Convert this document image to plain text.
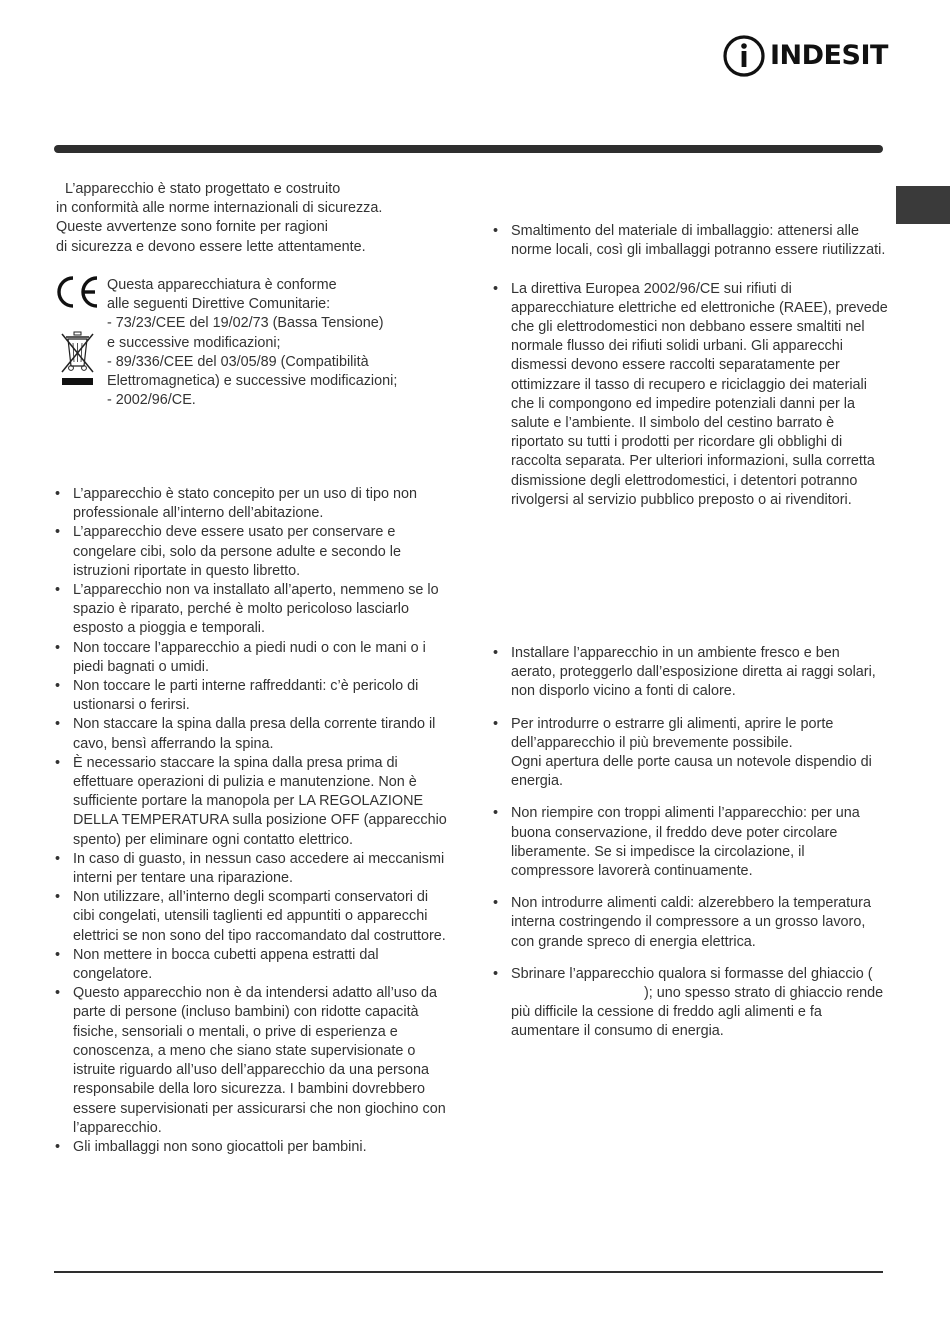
INDESIT
L’apparecchio è stato progettato e costruito
in conformità alle norme internazionali di sicurezza.
Queste avvertenze sono fornite per ragioni
di sicurezza e devono essere lette attentamente.
Questa apparecchiatura è conforme
alle seguenti Direttive Comunitarie:
- 73/23/CEE del 19/02/73 (Bassa Tensione)
e successive modificazioni;
- 89/336/CEE del 03/05/89 (Compatibilità
Elettromagnetica) e successive modificazioni;
- 2002/96/CE.
• L’apparecchio è stato concepito per un uso di tipo non professionale all’interno dell’abitazione.
• L’apparecchio deve essere usato per conservare e congelare cibi, solo da persone adulte e secondo le istruzioni riportate in questo libretto.
• L’apparecchio non va installato all’aperto, nemmeno se lo spazio è riparato, perché è molto pericoloso lasciarlo esposto a pioggia e temporali.
• Non toccare l’apparecchio a piedi nudi o con le mani o i piedi bagnati o umidi.
• Non toccare le parti interne raffreddanti: c’è pericolo di ustionarsi o ferirsi.
• Non staccare la spina dalla presa della corrente tirando il cavo, bensì afferrando la spina.
• È necessario staccare la spina dalla presa prima di effettuare operazioni di pulizia e manutenzione. Non è sufficiente portare la manopola per LA REGOLAZIONE DELLA TEMPERATURA sulla posizione OFF (apparecchio spento) per eliminare ogni contatto elettrico.
• In caso di guasto, in nessun caso accedere ai meccanismi interni per tentare una riparazione.
• Non utilizzare, all’interno degli scomparti conservatori di cibi congelati, utensili taglienti ed appuntiti o apparecchi elettrici se non sono del tipo raccomandato dal costruttore.
• Non mettere in bocca cubetti appena estratti dal congelatore.
• Questo apparecchio non è da intendersi adatto all’uso da parte di persone (incluso bambini) con ridotte capacità fisiche, sensoriali o mentali, o prive di esperienza e conoscenza, a meno che siano state supervisionate o istruite riguardo all’uso dell’apparecchio da una persona responsabile della loro sicurezza. I bambini dovrebbero essere supervisionati per assicurarsi che non giochino con l’apparecchio.
• Gli imballaggi non sono giocattoli per bambini.
• Smaltimento del materiale di imballaggio: attenersi alle norme locali, così gli imballaggi potranno essere riutilizzati.
• La direttiva Europea 2002/96/CE sui rifiuti di apparecchiature elettriche ed elettroniche (RAEE), prevede che gli elettrodomestici non debbano essere smaltiti nel normale flusso dei rifiuti solidi urbani. Gli apparecchi dismessi devono essere raccolti separatamente per ottimizzare il tasso di recupero e riciclaggio dei materiali che li compongono ed impedire potenziali danni per la salute e l’ambiente. Il simbolo del cestino barrato è riportato su tutti i prodotti per ricordare gli obblighi di raccolta separata. Per ulteriori informazioni, sulla corretta dismissione degli elettrodomestici, i detentori potranno rivolgersi al servizio pubblico preposto o ai rivenditori.
• Installare l’apparecchio in un ambiente fresco e ben aerato, proteggerlo dall’esposizione diretta ai raggi solari, non disporlo vicino a fonti di calore.
• Per introdurre o estrarre gli alimenti, aprire le porte dell’apparecchio il più brevemente possibile.
Ogni apertura delle porte causa un notevole dispendio di energia.
• Non riempire con troppi alimenti l’apparecchio: per una buona conservazione, il freddo deve poter circolare liberamente. Se si impedisce la circolazione, il compressore lavorerà continuamente.
• Non introdurre alimenti caldi: alzerebbero la temperatura interna costringendo il compressore a un grosso lavoro, con grande spreco di energia elettrica.
• Sbrinare l’apparecchio qualora si formasse del ghiaccio (); uno spesso strato di ghiaccio rende più difficile la cessione di freddo agli alimenti e fa aumentare il consumo di energia.
